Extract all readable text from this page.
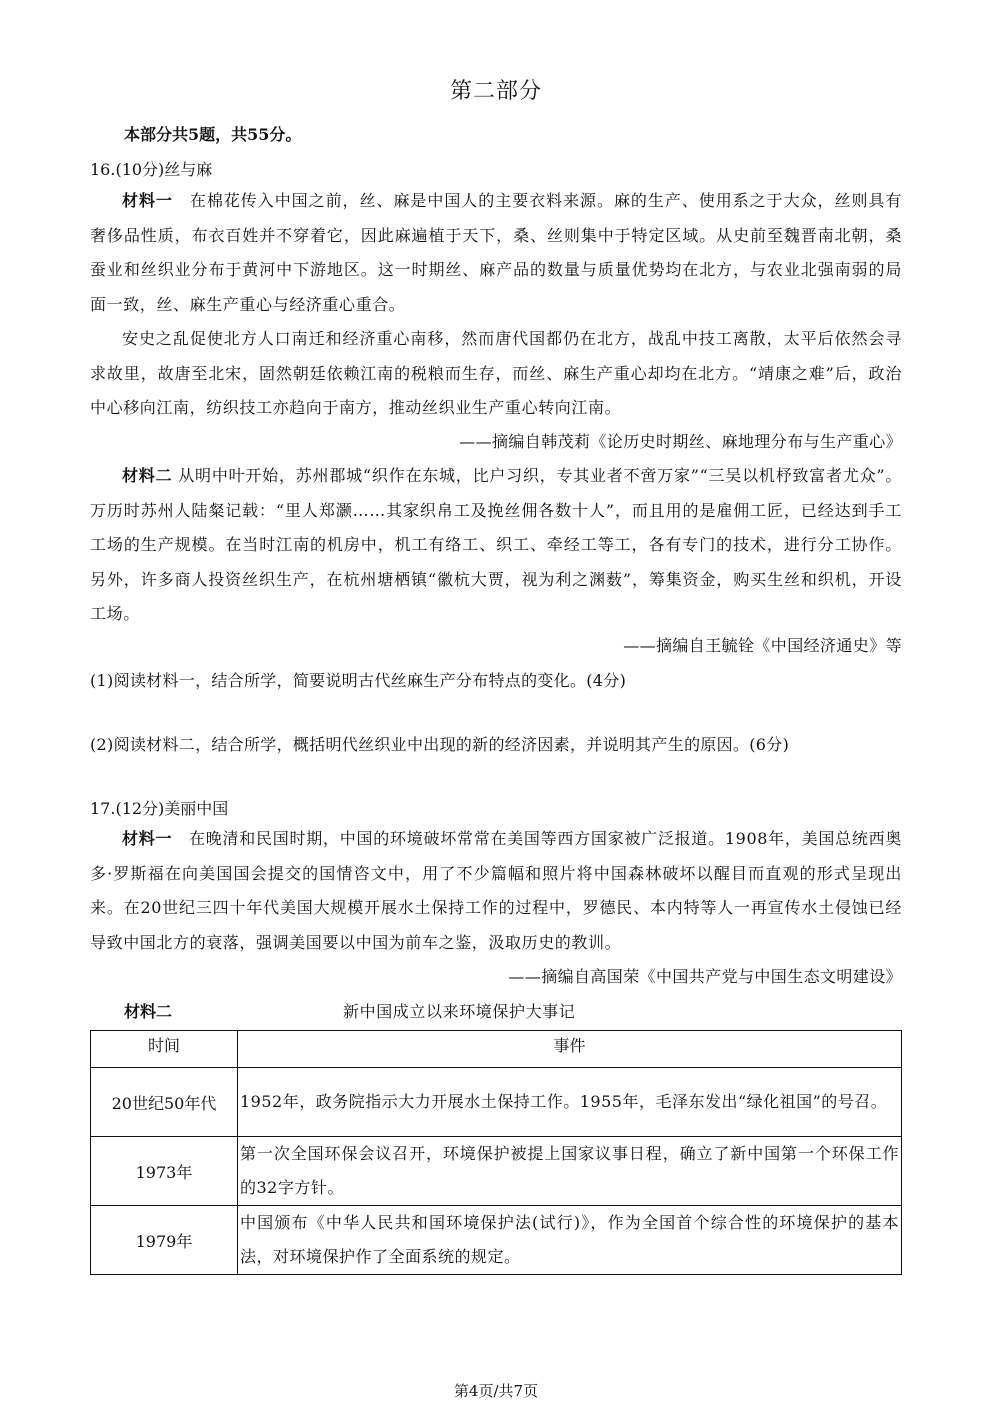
第二部分
本部分共5题，共55分。
16.(10分)丝与麻
材料一　 在棉花传入中国之前，丝、麻是中国人的主要衣料来源。麻的生产、使用系之于大众，丝则具有奢侈品性质，布衣百姓并不穿着它，因此麻遍植于天下，桑、丝则集中于特定区域。从史前至魏晋南北朝，桑蚕业和丝织业分布于黄河中下游地区。这一时期丝、麻产品的数量与质量优势均在北方，与农业北强南弱的局面一致，丝、麻生产重心与经济重心重合。
安史之乱促使北方人口南迁和经济重心南移，然而唐代国都仍在北方，战乱中技工离散，太平后依然会寻求故里，故唐至北宋，固然朝廷依赖江南的税粮而生存，而丝、麻生产重心却均在北方。“靖康之难”后，政治中心移向江南，纺织技工亦趋向于南方，推动丝织业生产重心转向江南。
——摘编自韩茂莉《论历史时期丝、麻地理分布与生产重心》
材料二 从明中叶开始，苏州郡城“织作在东城，比户习织，专其业者不啻万家”“三吴以机杼致富者尤众”。万历时苏州人陆粲记载：“里人郑灏……其家织帛工及挽丝佣各数十人”，而且用的是雇佣工匠，已经达到手工工场的生产规模。在当时江南的机房中，机工有络工、织工、牵经工等工，各有专门的技术，进行分工协作。另外，许多商人投资丝织生产，在杭州塘栖镇“徽杭大贾，视为利之渊薮”，筹集资金，购买生丝和织机，开设工场。
——摘编自王毓铨《中国经济通史》等
(1)阅读材料一，结合所学，简要说明古代丝麻生产分布特点的变化。(4分)
(2)阅读材料二，结合所学，概括明代丝织业中出现的新的经济因素，并说明其产生的原因。(6分)
17.(12分)美丽中国
材料一　 在晚清和民国时期，中国的环境破坏常常在美国等西方国家被广泛报道。1908年，美国总统西奥多·罗斯福在向美国国会提交的国情咨文中，用了不少篇幅和照片将中国森林破坏以醒目而直观的形式呈现出来。在20世纪三四十年代美国大规模开展水土保持工作的过程中，罗德民、本内特等人一再宣传水土侵蚀已经导致中国北方的衰落，强调美国要以中国为前车之鉴，汲取历史的教训。
——摘编自高国荣《中国共产党与中国生态文明建设》
材料二	新中国成立以来环境保护大事记
时间	事件
20世纪50年代	1952年，政务院指示大力开展水土保持工作。1955年，毛泽东发出“绿化祖国”的号召。
1973年	第一次全国环保会议召开，环境保护被提上国家议事日程，确立了新中国第一个环保工作的32字方针。
1979年	中国颁布《中华人民共和国环境保护法(试行)》，作为全国首个综合性的环境保护的基本法，对环境保护作了全面系统的规定。
第4页/共7页
